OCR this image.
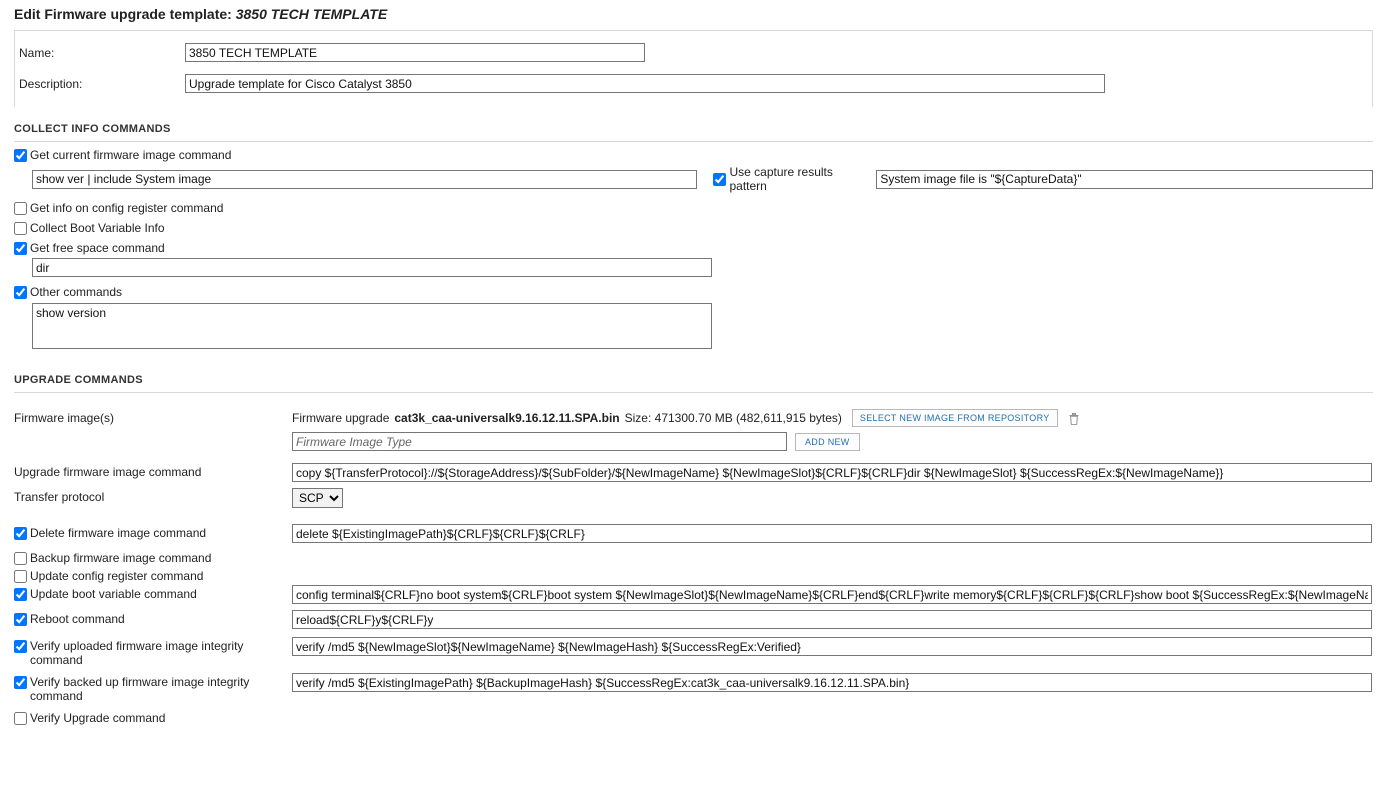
Edit Firmware upgrade template: 3850 TECH TEMPLATE
Name:
3850 TECH TEMPLATE
Description:
Upgrade template for Cisco Catalyst 3850
COLLECT INFO COMMANDS
Get current firmware image command
show ver | include System image
Use capture results pattern
System image file is "${CaptureData}"
Get info on config register command
Collect Boot Variable Info
Get free space command
dir
Other commands
show version
UPGRADE COMMANDS
Firmware image(s)	Firmware upgrade cat3k_caa-universalk9.16.12.11.SPA.bin Size: 471300.70 MB (482,611,915 bytes)	SELECT NEW IMAGE FROM REPOSITORY
Firmware Image Type
ADD NEW
Upgrade firmware image command
copy ${TransferProtocol}://${StorageAddress}/${SubFolder}/${NewImageName} ${NewImageSlot}${CRLF}${CRLF}dir ${NewImageSlot} ${SuccessRegEx:${NewImageName}}
Transfer protocol
SCP
Delete firmware image command
delete ${ExistingImagePath}${CRLF}${CRLF}${CRLF}
Backup firmware image command
Update config register command
Update boot variable command
config terminal${CRLF}no boot system${CRLF}boot system ${NewImageSlot}${NewImageName}${CRLF}end${CRLF}write memory${CRLF}${CRLF}${CRLF}show boot ${SuccessRegEx:${NewImageName}}
Reboot command
reload${CRLF}y${CRLF}y
Verify uploaded firmware image integrity command
verify /md5 ${NewImageSlot}${NewImageName} ${NewImageHash} ${SuccessRegEx:Verified}
Verify backed up firmware image integrity command
verify /md5 ${ExistingImagePath} ${BackupImageHash} ${SuccessRegEx:cat3k_caa-universalk9.16.12.11.SPA.bin}
Verify Upgrade command
